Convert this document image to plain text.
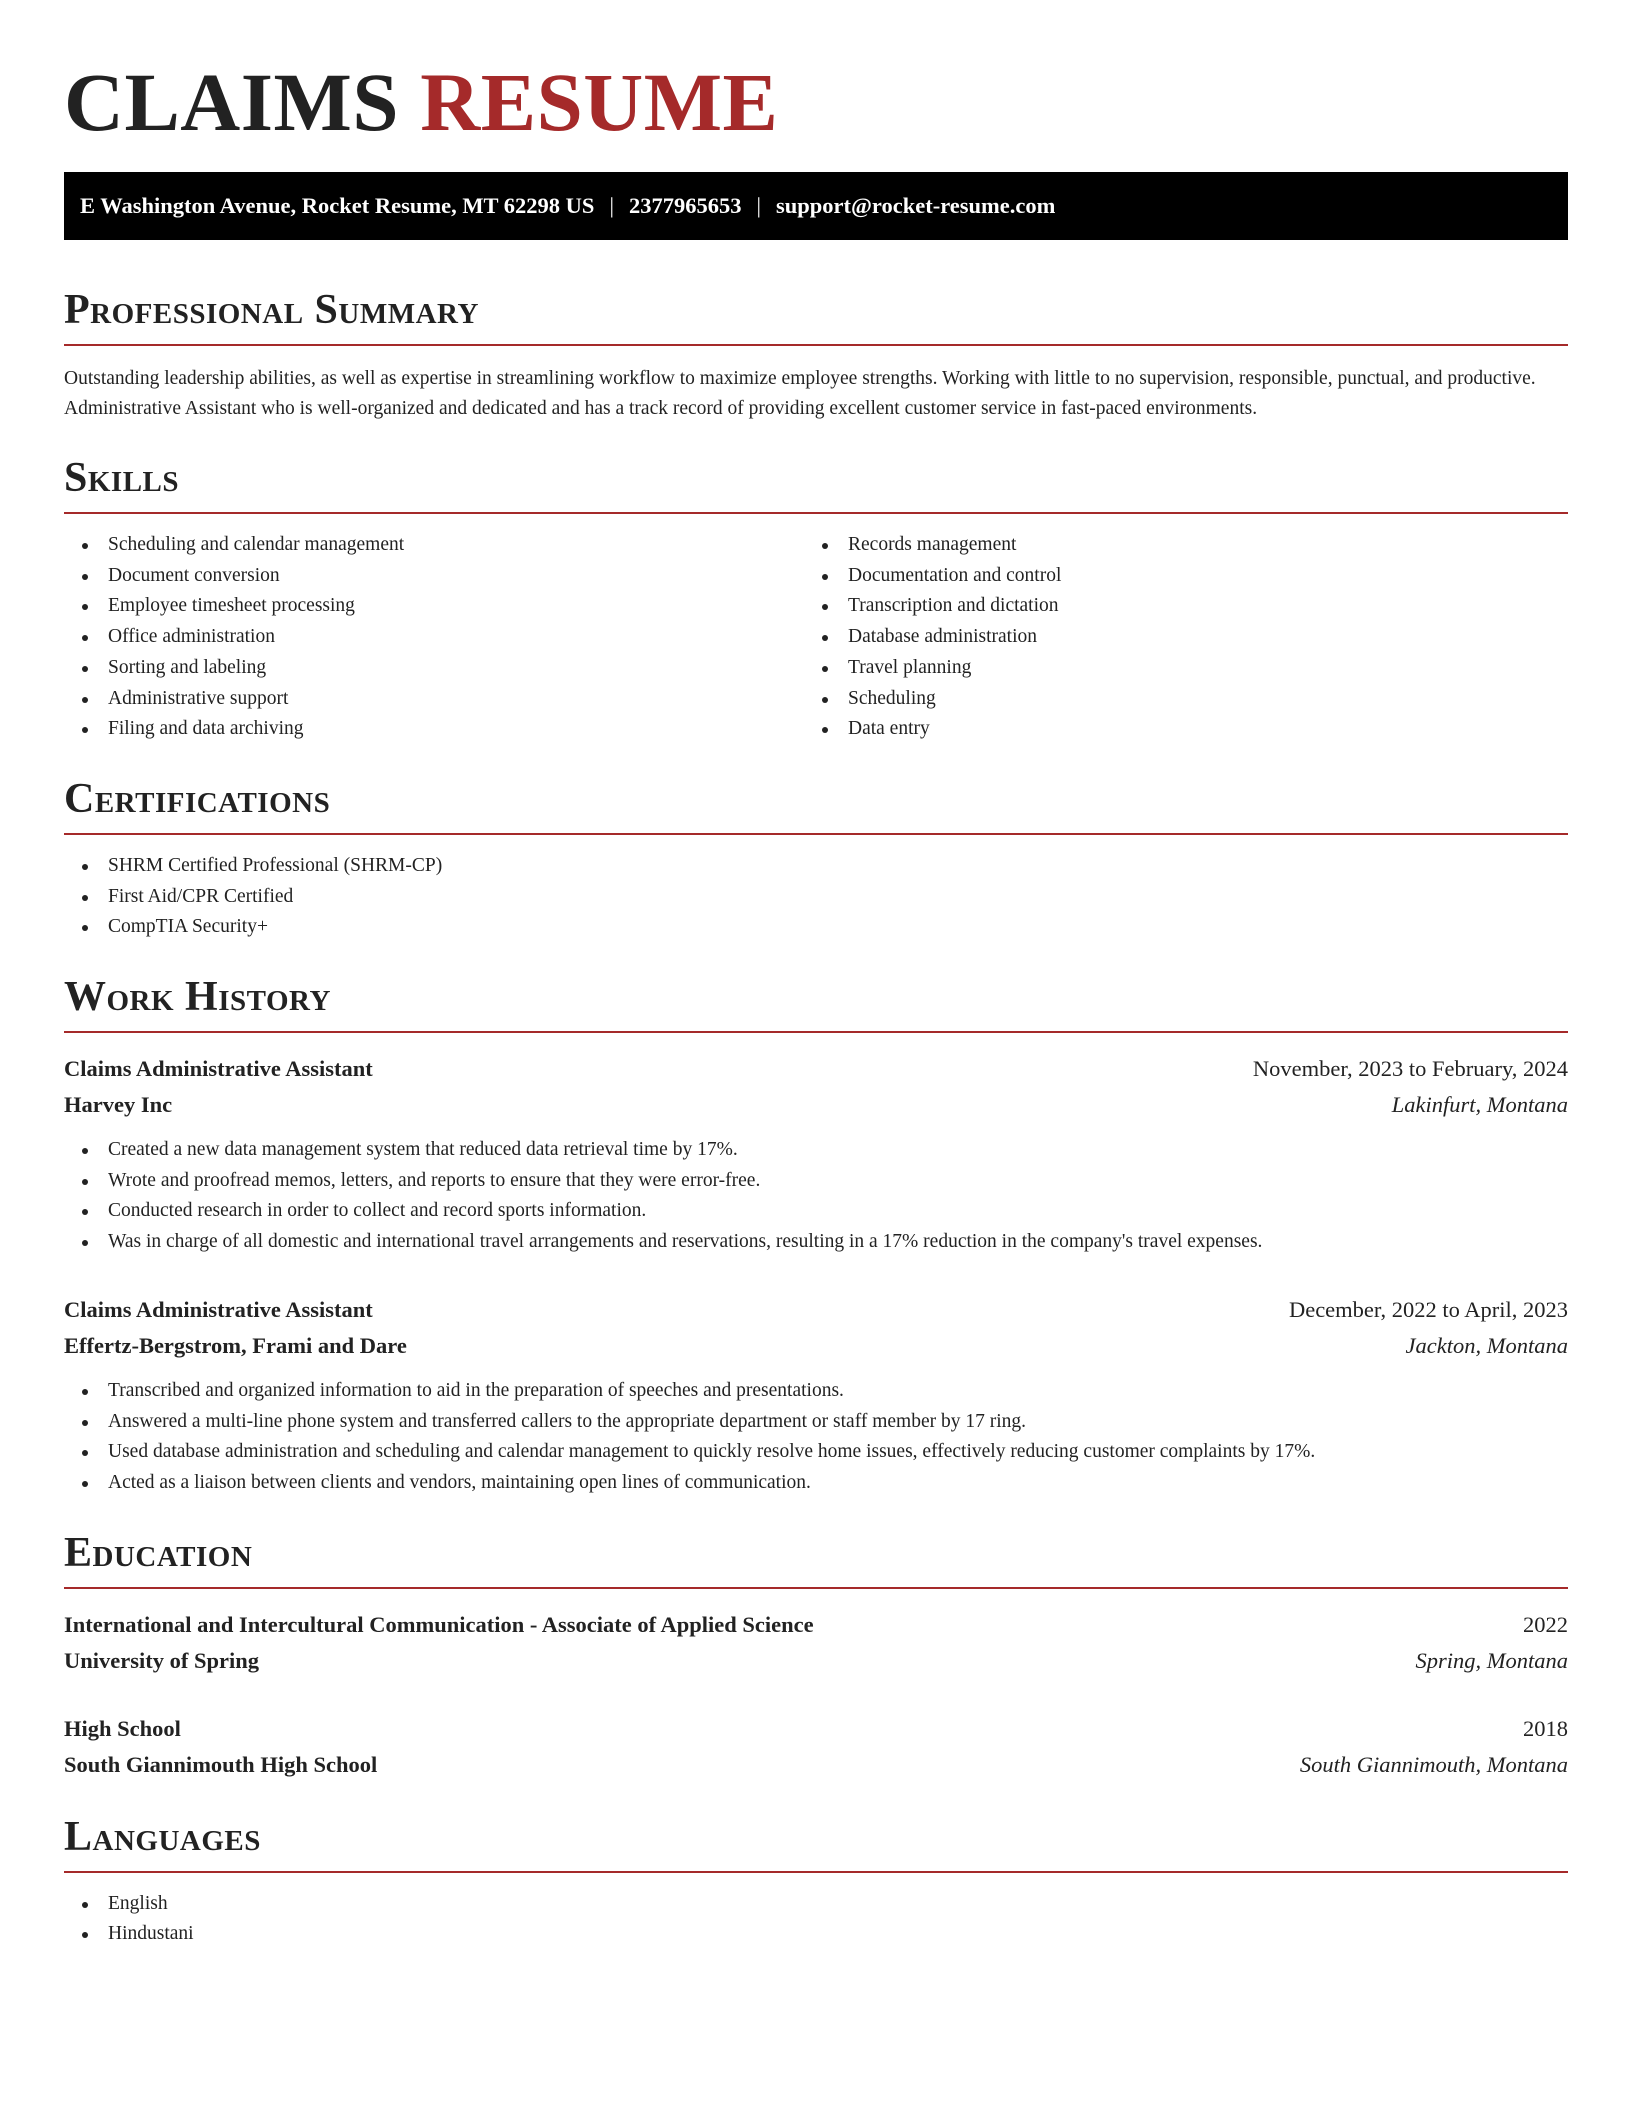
CLAIMS RESUME
E Washington Avenue, Rocket Resume, MT 62298 US | 2377965653 | support@rocket-resume.com
Professional Summary

Outstanding leadership abilities, as well as expertise in streamlining workflow to maximize employee strengths. Working with little to no supervision, responsible, punctual, and productive. Administrative Assistant who is well-organized and dedicated and has a track record of providing excellent customer service in fast-paced environments.

Skills
Scheduling and calendar management
Document conversion
Employee timesheet processing
Office administration
Sorting and labeling
Administrative support
Filing and data archiving
Records management
Documentation and control
Transcription and dictation
Database administration
Travel planning
Scheduling
Data entry
Certifications
SHRM Certified Professional (SHRM-CP)
First Aid/CPR Certified
CompTIA Security+
Work History
Claims Administrative Assistant	November, 2023 to February, 2024
Harvey Inc	Lakinfurt, Montana
Created a new data management system that reduced data retrieval time by 17%.
Wrote and proofread memos, letters, and reports to ensure that they were error-free.
Conducted research in order to collect and record sports information.
Was in charge of all domestic and international travel arrangements and reservations, resulting in a 17% reduction in the company's travel expenses.
Claims Administrative Assistant	December, 2022 to April, 2023
Effertz-Bergstrom, Frami and Dare	Jackton, Montana
Transcribed and organized information to aid in the preparation of speeches and presentations.
Answered a multi-line phone system and transferred callers to the appropriate department or staff member by 17 ring.
Used database administration and scheduling and calendar management to quickly resolve home issues, effectively reducing customer complaints by 17%.
Acted as a liaison between clients and vendors, maintaining open lines of communication.
Education
International and Intercultural Communication - Associate of Applied Science	2022
University of Spring	Spring, Montana
High School	2018
South Giannimouth High School	South Giannimouth, Montana
Languages
English
Hindustani
